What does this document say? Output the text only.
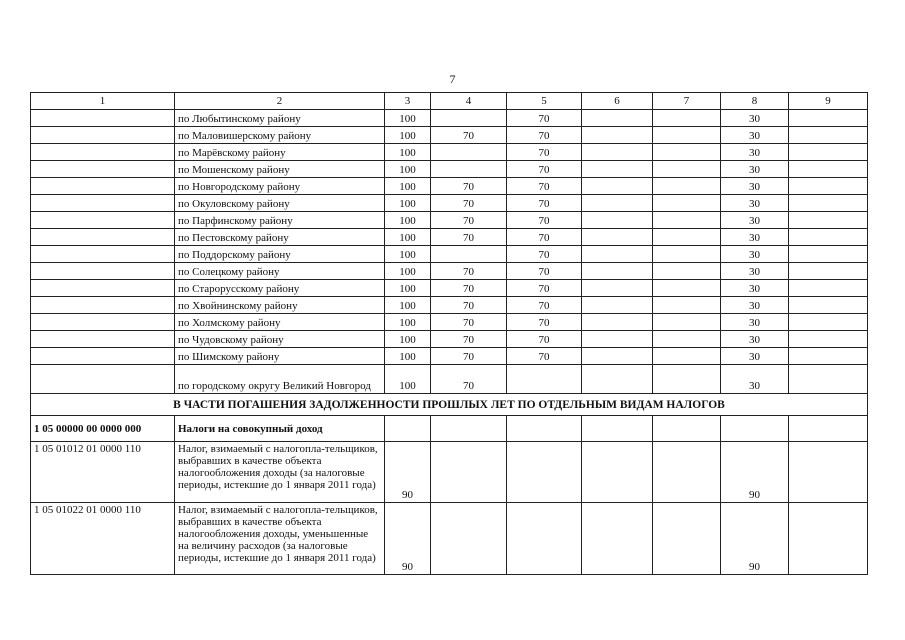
7
1	2	3	4	5	6	7	8	9
	по Любытинскому району	100		70			30	
	по Маловишерскому району	100	70	70			30	
	по Марёвскому району	100		70			30	
	по Мошенскому району	100		70			30	
	по Новгородскому району	100	70	70			30	
	по Окуловскому району	100	70	70			30	
	по Парфинскому району	100	70	70			30	
	по Пестовскому району	100	70	70			30	
	по Поддорскому району	100		70			30	
	по Солецкому району	100	70	70			30	
	по Старорусскому району	100	70	70			30	
	по Хвойнинскому району	100	70	70			30	
	по Холмскому району	100	70	70			30	
	по Чудовскому району	100	70	70			30	
	по Шимскому району	100	70	70			30	
	по городскому округу Великий Новгород	100	70				30	
В ЧАСТИ ПОГАШЕНИЯ ЗАДОЛЖЕННОСТИ ПРОШЛЫХ ЛЕТ ПО ОТДЕЛЬНЫМ ВИДАМ НАЛОГОВ								
1 05 00000 00 0000 000	Налоги на совокупный доход							
1 05 01012 01 0000 110	Налог, взимаемый с налогопла-тельщиков, выбравших в качестве объекта налогообложения доходы (за налоговые периоды, истекшие до 1 января 2011 года)	90					90	
1 05 01022 01 0000 110	Налог, взимаемый с налогопла-тельщиков, выбравших в качестве объекта налогообложения доходы, уменьшенные на величину расходов (за налоговые периоды, истекшие до 1 января 2011 года)	90					90	
